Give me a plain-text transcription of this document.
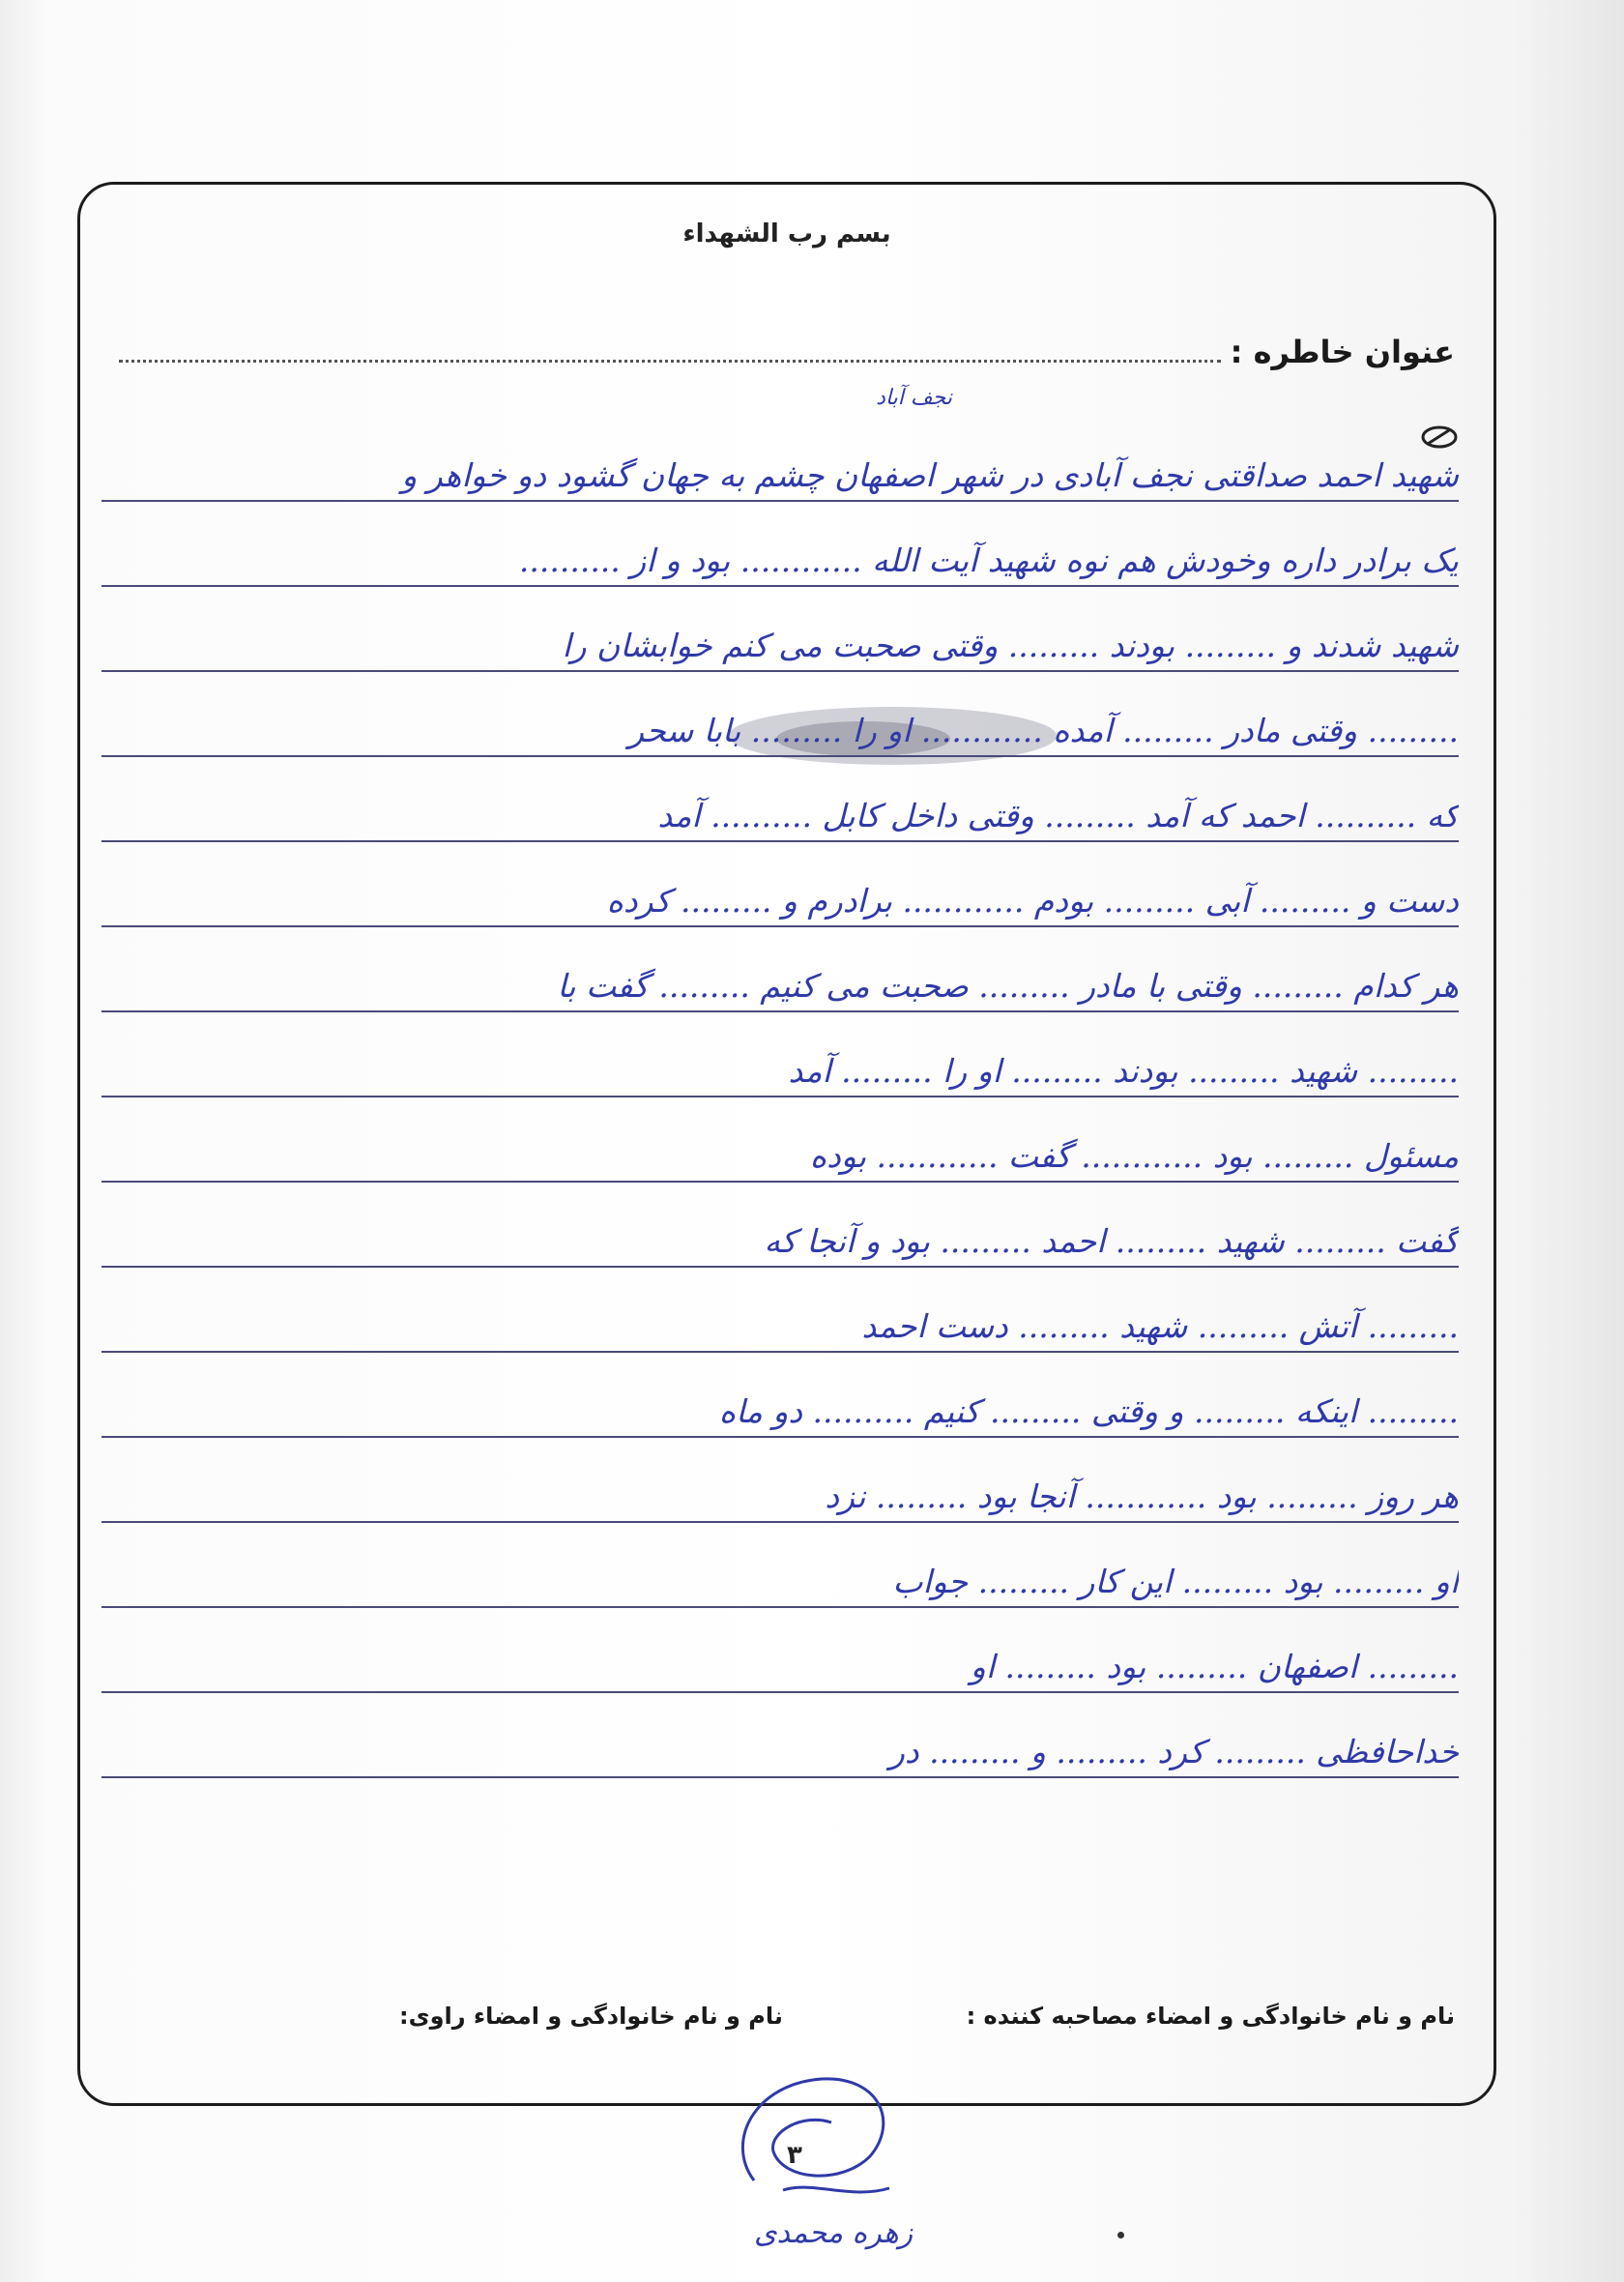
بسم رب الشهداء
عنوان خاطره :
نجف آباد
شهید احمد صداقتی نجف آبادی در شهر اصفهان چشم به جهان گشود دو خواهر و
یک برادر داره وخودش هم نوه شهید آیت الله ............ بود و از ..........
شهید شدند و ......... بودند ......... وقتی صحبت می کنم خوابشان را
......... وقتی مادر ......... آمده ............ او را ......... بابا سحر
که .......... احمد که آمد ......... وقتی داخل کابل .......... آمد
دست و ......... آبی ......... بودم ............ برادرم و ......... کرده
هر کدام ......... وقتی با مادر ......... صحبت می کنیم ......... گفت با
......... شهید ......... بودند ......... او را ......... آمد
مسئول ......... بود ............ گفت ............ بوده
گفت ......... شهید ......... احمد ......... بود و آنجا که
......... آتش ......... شهید ......... دست احمد
......... اینکه ......... و وقتی ......... کنیم .......... دو ماه
هر روز ......... بود ............ آنجا بود ......... نزد
او ......... بود ......... این کار ......... جواب
......... اصفهان ......... بود ......... او
خداحافظی ......... کرد ......... و ......... در
نام و نام خانوادگی و امضاء مصاحبه کننده :
نام و نام خانوادگی و امضاء راوی:
۳
زهره محمدی
